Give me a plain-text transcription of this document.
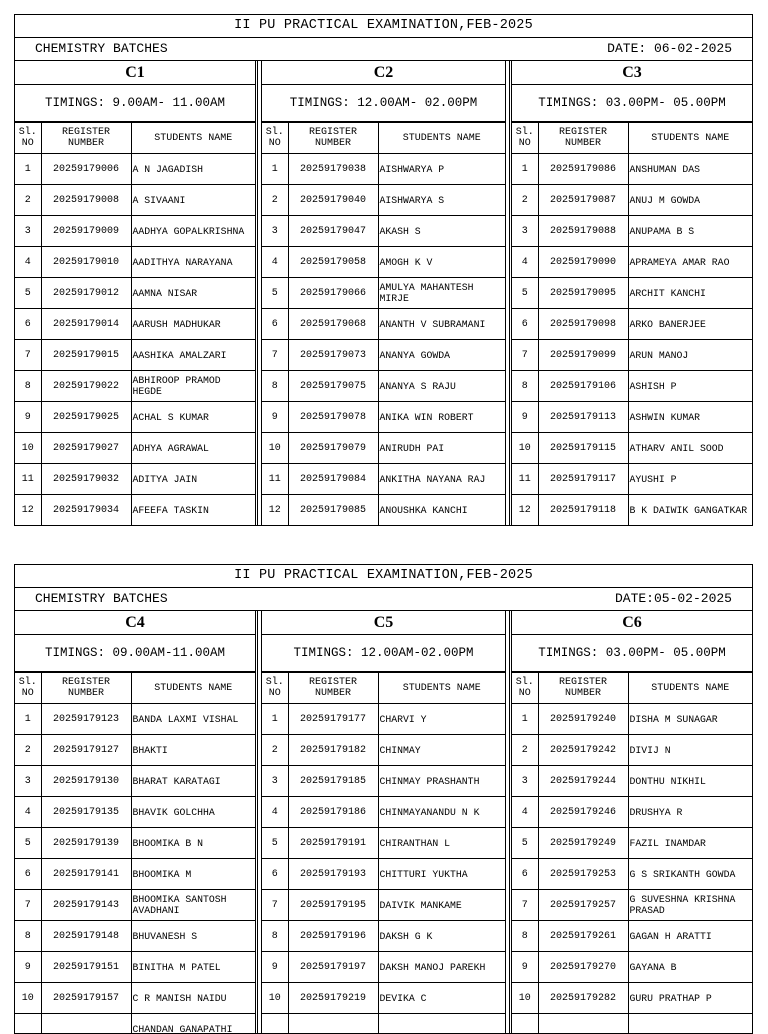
II PU PRACTICAL EXAMINATION,FEB-2025
CHEMISTRY BATCHES	DATE: 06-02-2025
C1
TIMINGS: 9.00AM- 11.00AM
Sl. NO	REGISTER NUMBER	STUDENTS NAME
1	20259179006	A N JAGADISH
2	20259179008	A SIVAANI
3	20259179009	AADHYA GOPALKRISHNA
4	20259179010	AADITHYA NARAYANA
5	20259179012	AAMNA NISAR
6	20259179014	AARUSH MADHUKAR
7	20259179015	AASHIKA AMALZARI
8	20259179022	ABHIROOP PRAMOD HEGDE
9	20259179025	ACHAL S KUMAR
10	20259179027	ADHYA AGRAWAL
11	20259179032	ADITYA JAIN
12	20259179034	AFEEFA TASKIN
C2
TIMINGS: 12.00AM- 02.00PM
Sl. NO	REGISTER NUMBER	STUDENTS NAME
1	20259179038	AISHWARYA P
2	20259179040	AISHWARYA S
3	20259179047	AKASH S
4	20259179058	AMOGH K V
5	20259179066	AMULYA MAHANTESH MIRJE
6	20259179068	ANANTH V SUBRAMANI
7	20259179073	ANANYA GOWDA
8	20259179075	ANANYA S RAJU
9	20259179078	ANIKA WIN ROBERT
10	20259179079	ANIRUDH PAI
11	20259179084	ANKITHA NAYANA RAJ
12	20259179085	ANOUSHKA KANCHI
C3
TIMINGS: 03.00PM- 05.00PM
Sl. NO	REGISTER NUMBER	STUDENTS NAME
1	20259179086	ANSHUMAN DAS
2	20259179087	ANUJ M GOWDA
3	20259179088	ANUPAMA B S
4	20259179090	APRAMEYA AMAR RAO
5	20259179095	ARCHIT KANCHI
6	20259179098	ARKO BANERJEE
7	20259179099	ARUN MANOJ
8	20259179106	ASHISH P
9	20259179113	ASHWIN KUMAR
10	20259179115	ATHARV ANIL SOOD
11	20259179117	AYUSHI P
12	20259179118	B K DAIWIK GANGATKAR
II PU PRACTICAL EXAMINATION,FEB-2025
CHEMISTRY BATCHES	DATE:05-02-2025
C4
TIMINGS: 09.00AM-11.00AM
Sl. NO	REGISTER NUMBER	STUDENTS NAME
1	20259179123	BANDA LAXMI VISHAL
2	20259179127	BHAKTI
3	20259179130	BHARAT KARATAGI
4	20259179135	BHAVIK GOLCHHA
5	20259179139	BHOOMIKA B N
6	20259179141	BHOOMIKA M
7	20259179143	BHOOMIKA SANTOSH AVADHANI
8	20259179148	BHUVANESH S
9	20259179151	BINITHA M PATEL
10	20259179157	C R MANISH NAIDU
		CHANDAN GANAPATHI
C5
TIMINGS: 12.00AM-02.00PM
Sl. NO	REGISTER NUMBER	STUDENTS NAME
1	20259179177	CHARVI Y
2	20259179182	CHINMAY
3	20259179185	CHINMAY PRASHANTH
4	20259179186	CHINMAYANANDU N K
5	20259179191	CHIRANTHAN L
6	20259179193	CHITTURI YUKTHA
7	20259179195	DAIVIK MANKAME
8	20259179196	DAKSH G K
9	20259179197	DAKSH MANOJ PAREKH
10	20259179219	DEVIKA C

C6
TIMINGS: 03.00PM- 05.00PM
Sl. NO	REGISTER NUMBER	STUDENTS NAME
1	20259179240	DISHA M SUNAGAR
2	20259179242	DIVIJ N
3	20259179244	DONTHU NIKHIL
4	20259179246	DRUSHYA R
5	20259179249	FAZIL INAMDAR
6	20259179253	G S SRIKANTH GOWDA
7	20259179257	G SUVESHNA KRISHNA PRASAD
8	20259179261	GAGAN H ARATTI
9	20259179270	GAYANA B
10	20259179282	GURU PRATHAP P
